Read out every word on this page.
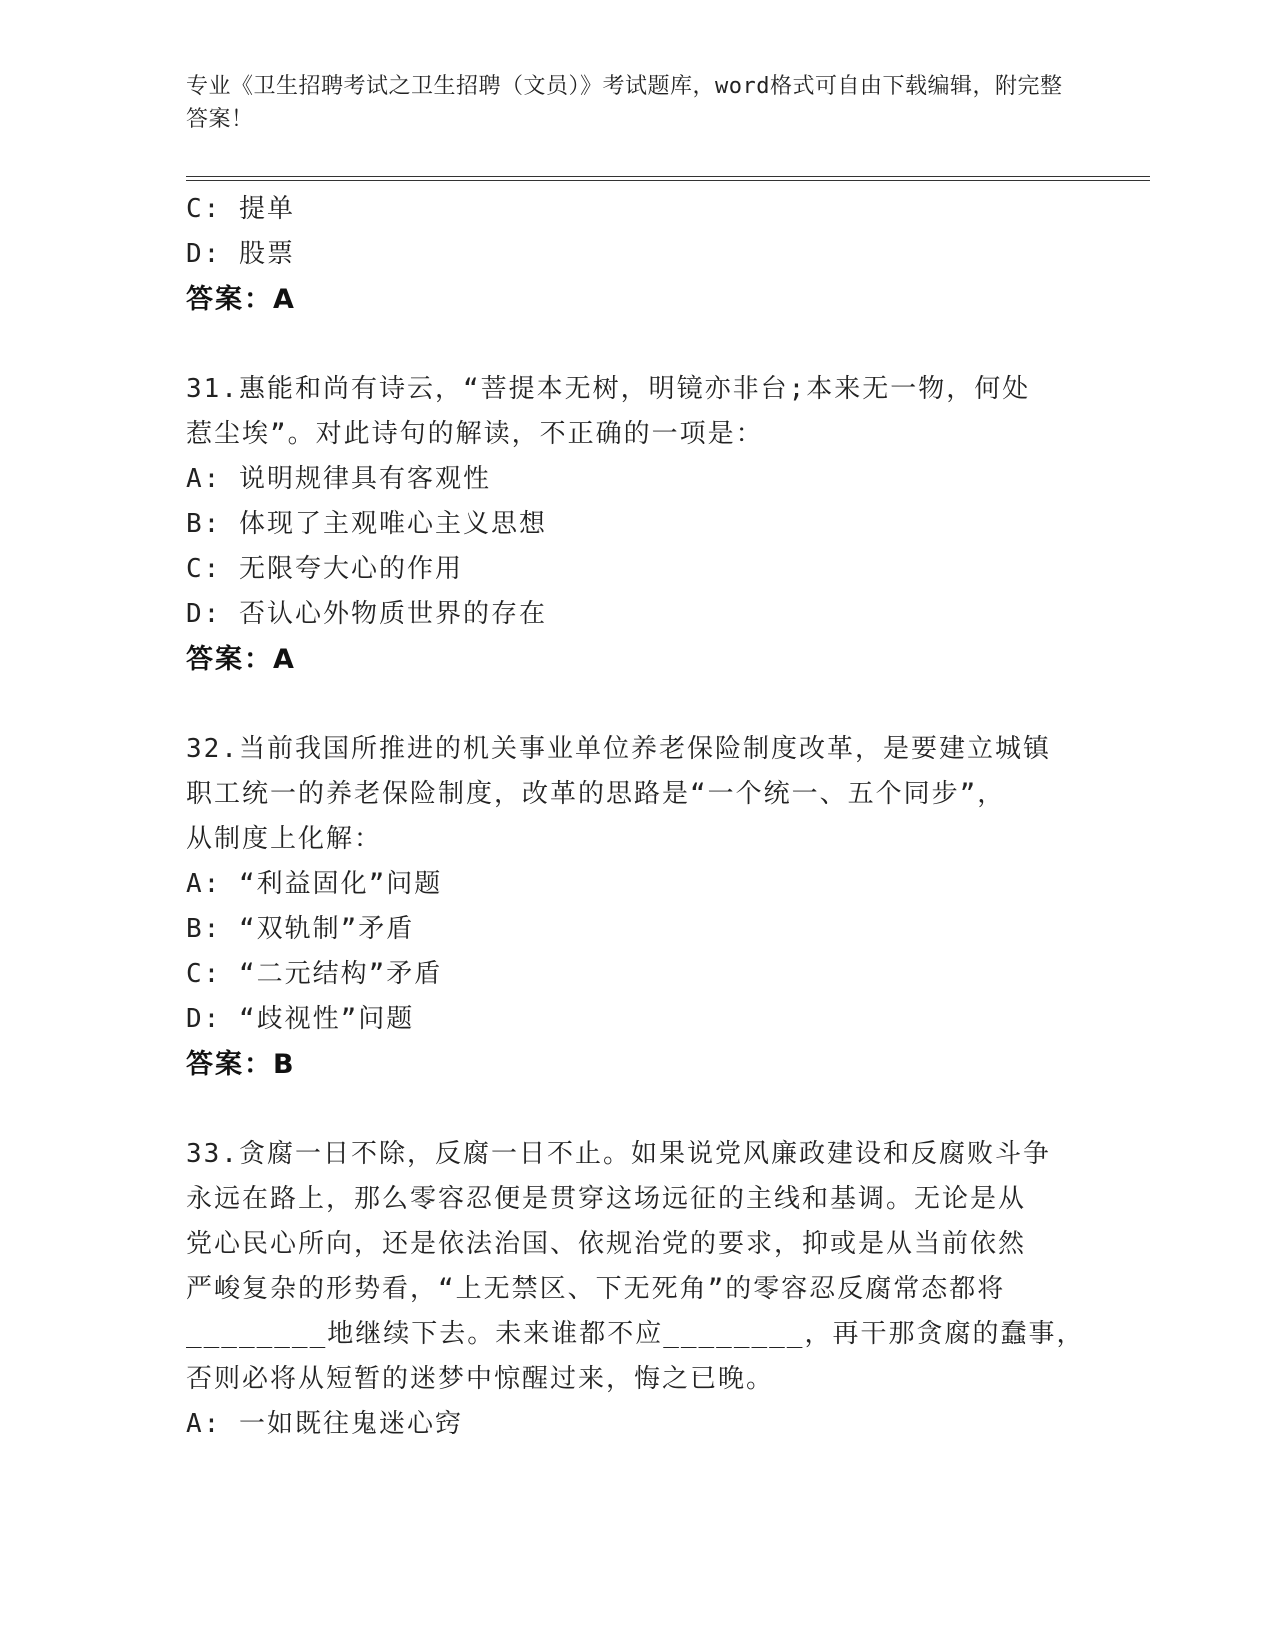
专业《卫生招聘考试之卫生招聘（文员）》考试题库，word格式可自由下载编辑，附完整答案！
C: 提单
D: 股票
答案：A
31.惠能和尚有诗云，“菩提本无树，明镜亦非台;本来无一物，何处
惹尘埃”。对此诗句的解读，不正确的一项是：
A: 说明规律具有客观性
B: 体现了主观唯心主义思想
C: 无限夸大心的作用
D: 否认心外物质世界的存在
答案：A
32.当前我国所推进的机关事业单位养老保险制度改革，是要建立城镇
职工统一的养老保险制度，改革的思路是“一个统一、五个同步”，
从制度上化解：
A: “利益固化”问题
B: “双轨制”矛盾
C: “二元结构”矛盾
D: “歧视性”问题
答案：B
33.贪腐一日不除，反腐一日不止。如果说党风廉政建设和反腐败斗争
永远在路上，那么零容忍便是贯穿这场远征的主线和基调。无论是从
党心民心所向，还是依法治国、依规治党的要求，抑或是从当前依然
严峻复杂的形势看，“上无禁区、下无死角”的零容忍反腐常态都将
________地继续下去。未来谁都不应________，再干那贪腐的蠢事，
否则必将从短暂的迷梦中惊醒过来，悔之已晚。
A: 一如既往鬼迷心窍
